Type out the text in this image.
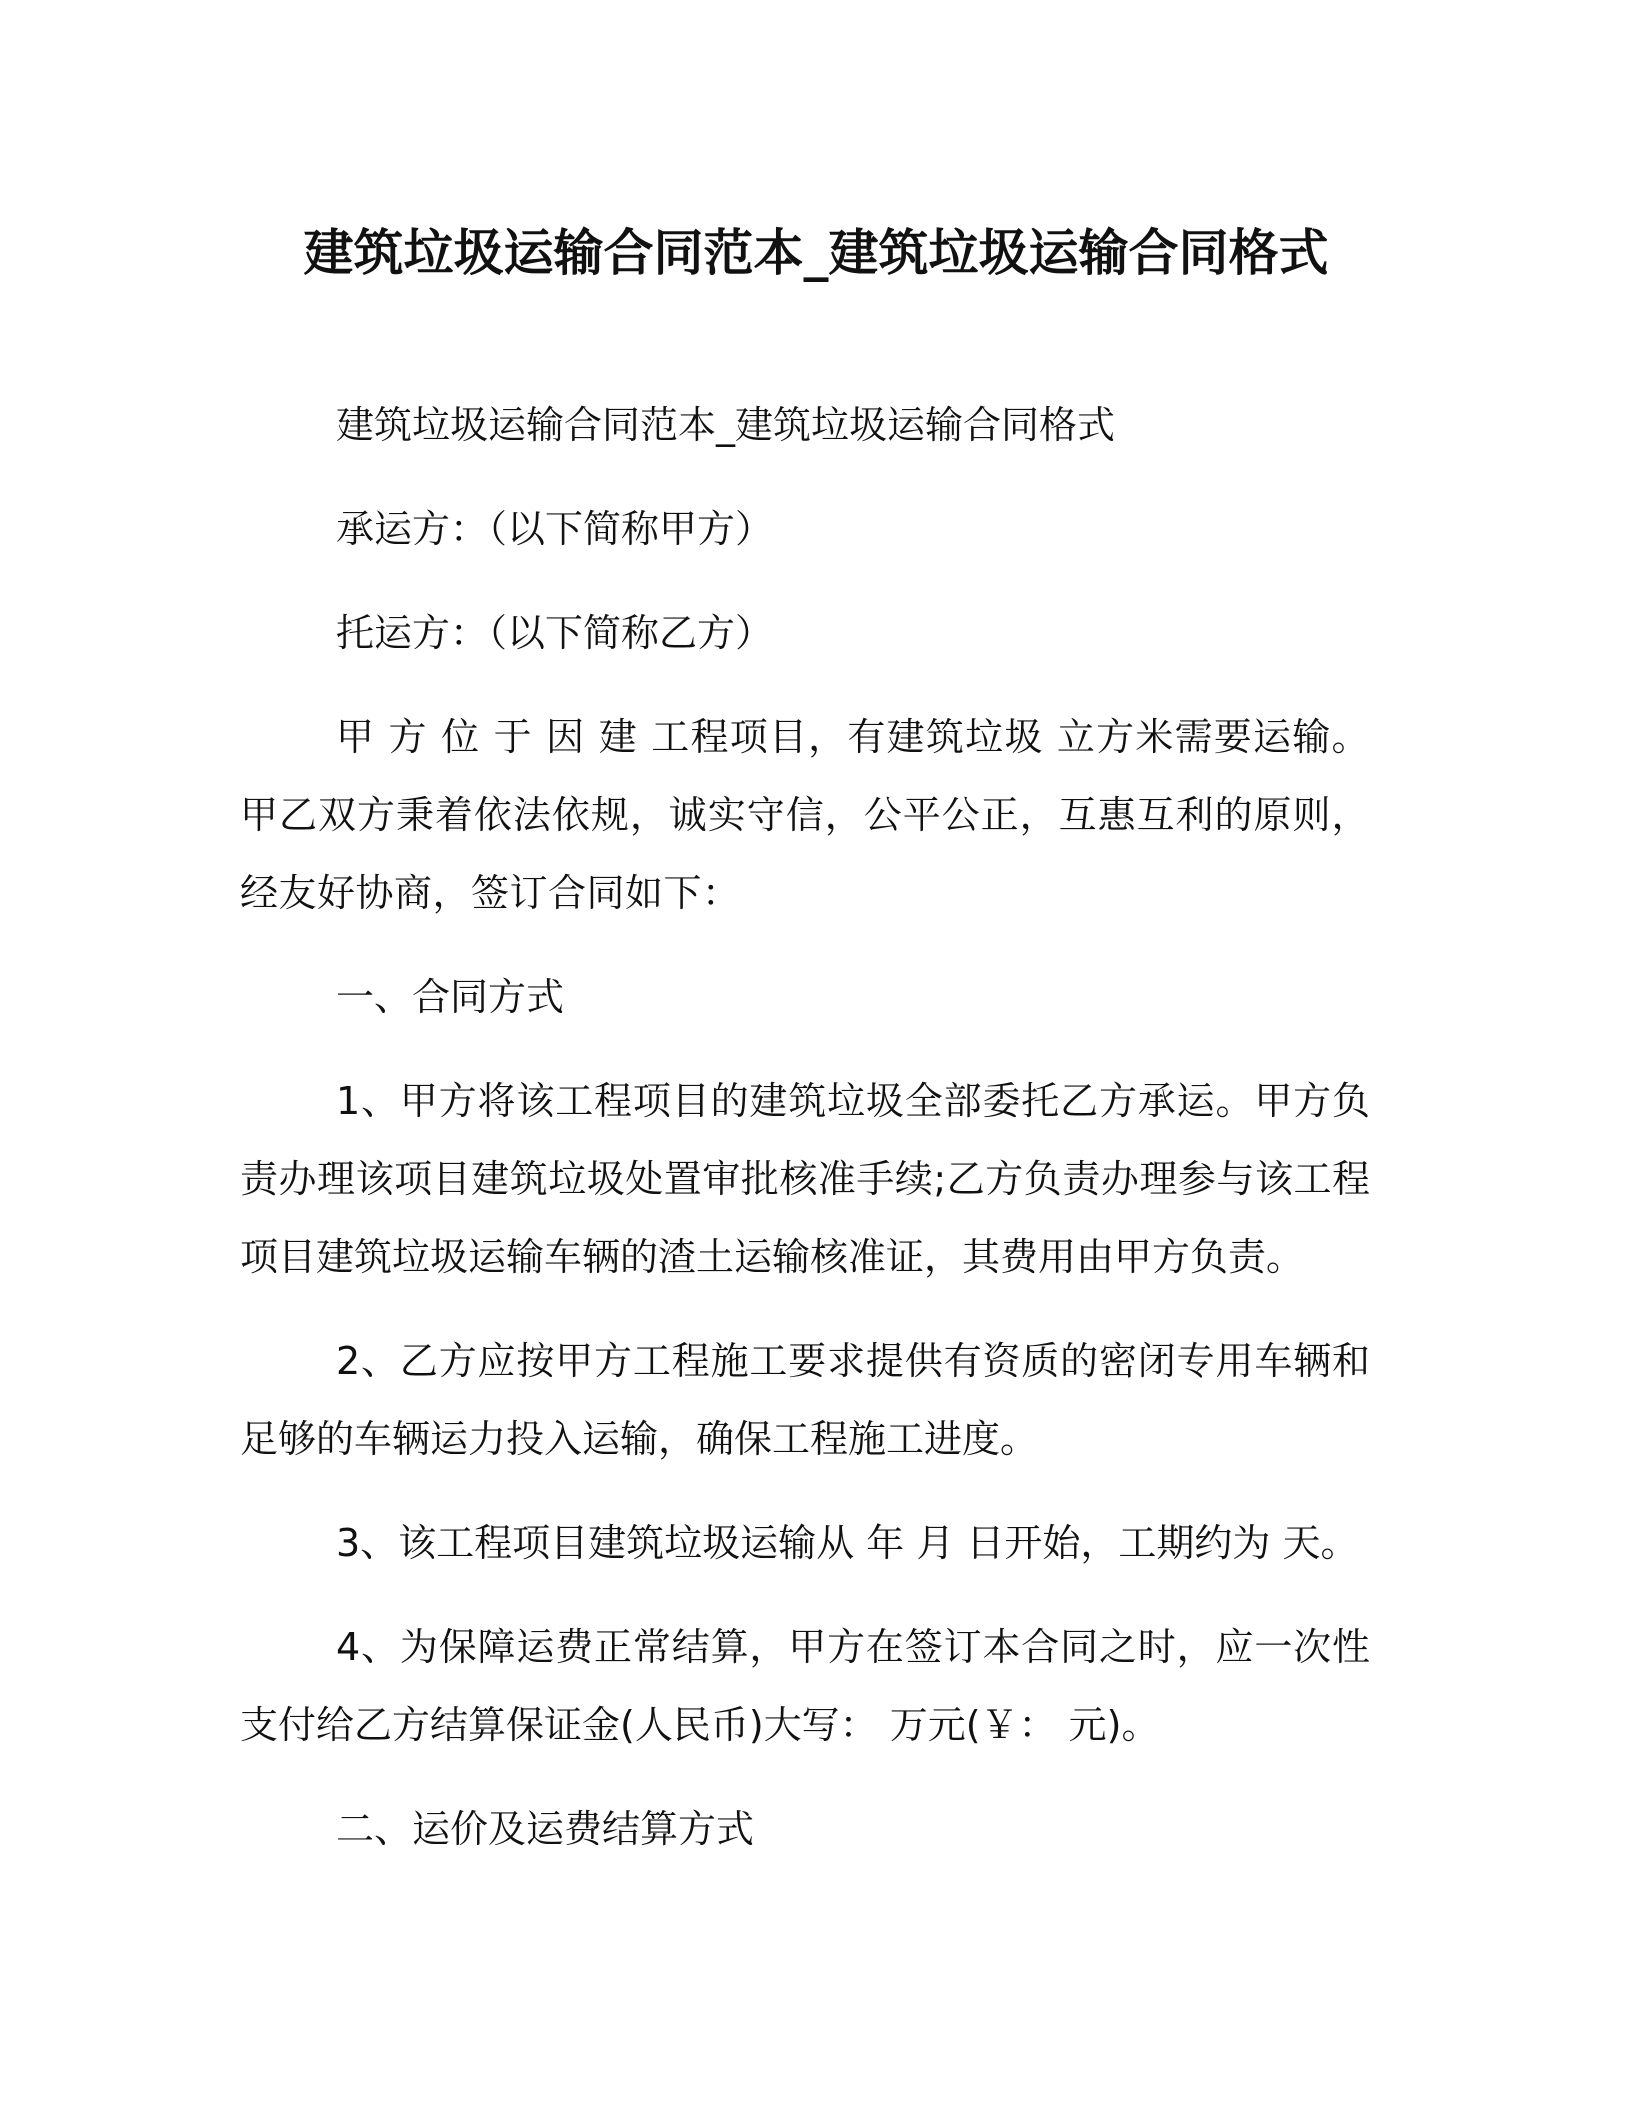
建筑垃圾运输合同范本_建筑垃圾运输合同格式

建筑垃圾运输合同范本_建筑垃圾运输合同格式

承运方：（以下简称甲方）

托运方：（以下简称乙方）

甲 方 位 于 因 建 工程项目，有建筑垃圾 立方米需要运输。甲乙双方秉着依法依规，诚实守信，公平公正，互惠互利的原则，经友好协商，签订合同如下：

一、合同方式

1、甲方将该工程项目的建筑垃圾全部委托乙方承运。甲方负责办理该项目建筑垃圾处置审批核准手续;乙方负责办理参与该工程项目建筑垃圾运输车辆的渣土运输核准证，其费用由甲方负责。

2、乙方应按甲方工程施工要求提供有资质的密闭专用车辆和足够的车辆运力投入运输，确保工程施工进度。

3、该工程项目建筑垃圾运输从 年 月 日开始，工期约为 天。

4、为保障运费正常结算，甲方在签订本合同之时，应一次性支付给乙方结算保证金(人民币)大写： 万元(￥： 元)。

二、运价及运费结算方式
